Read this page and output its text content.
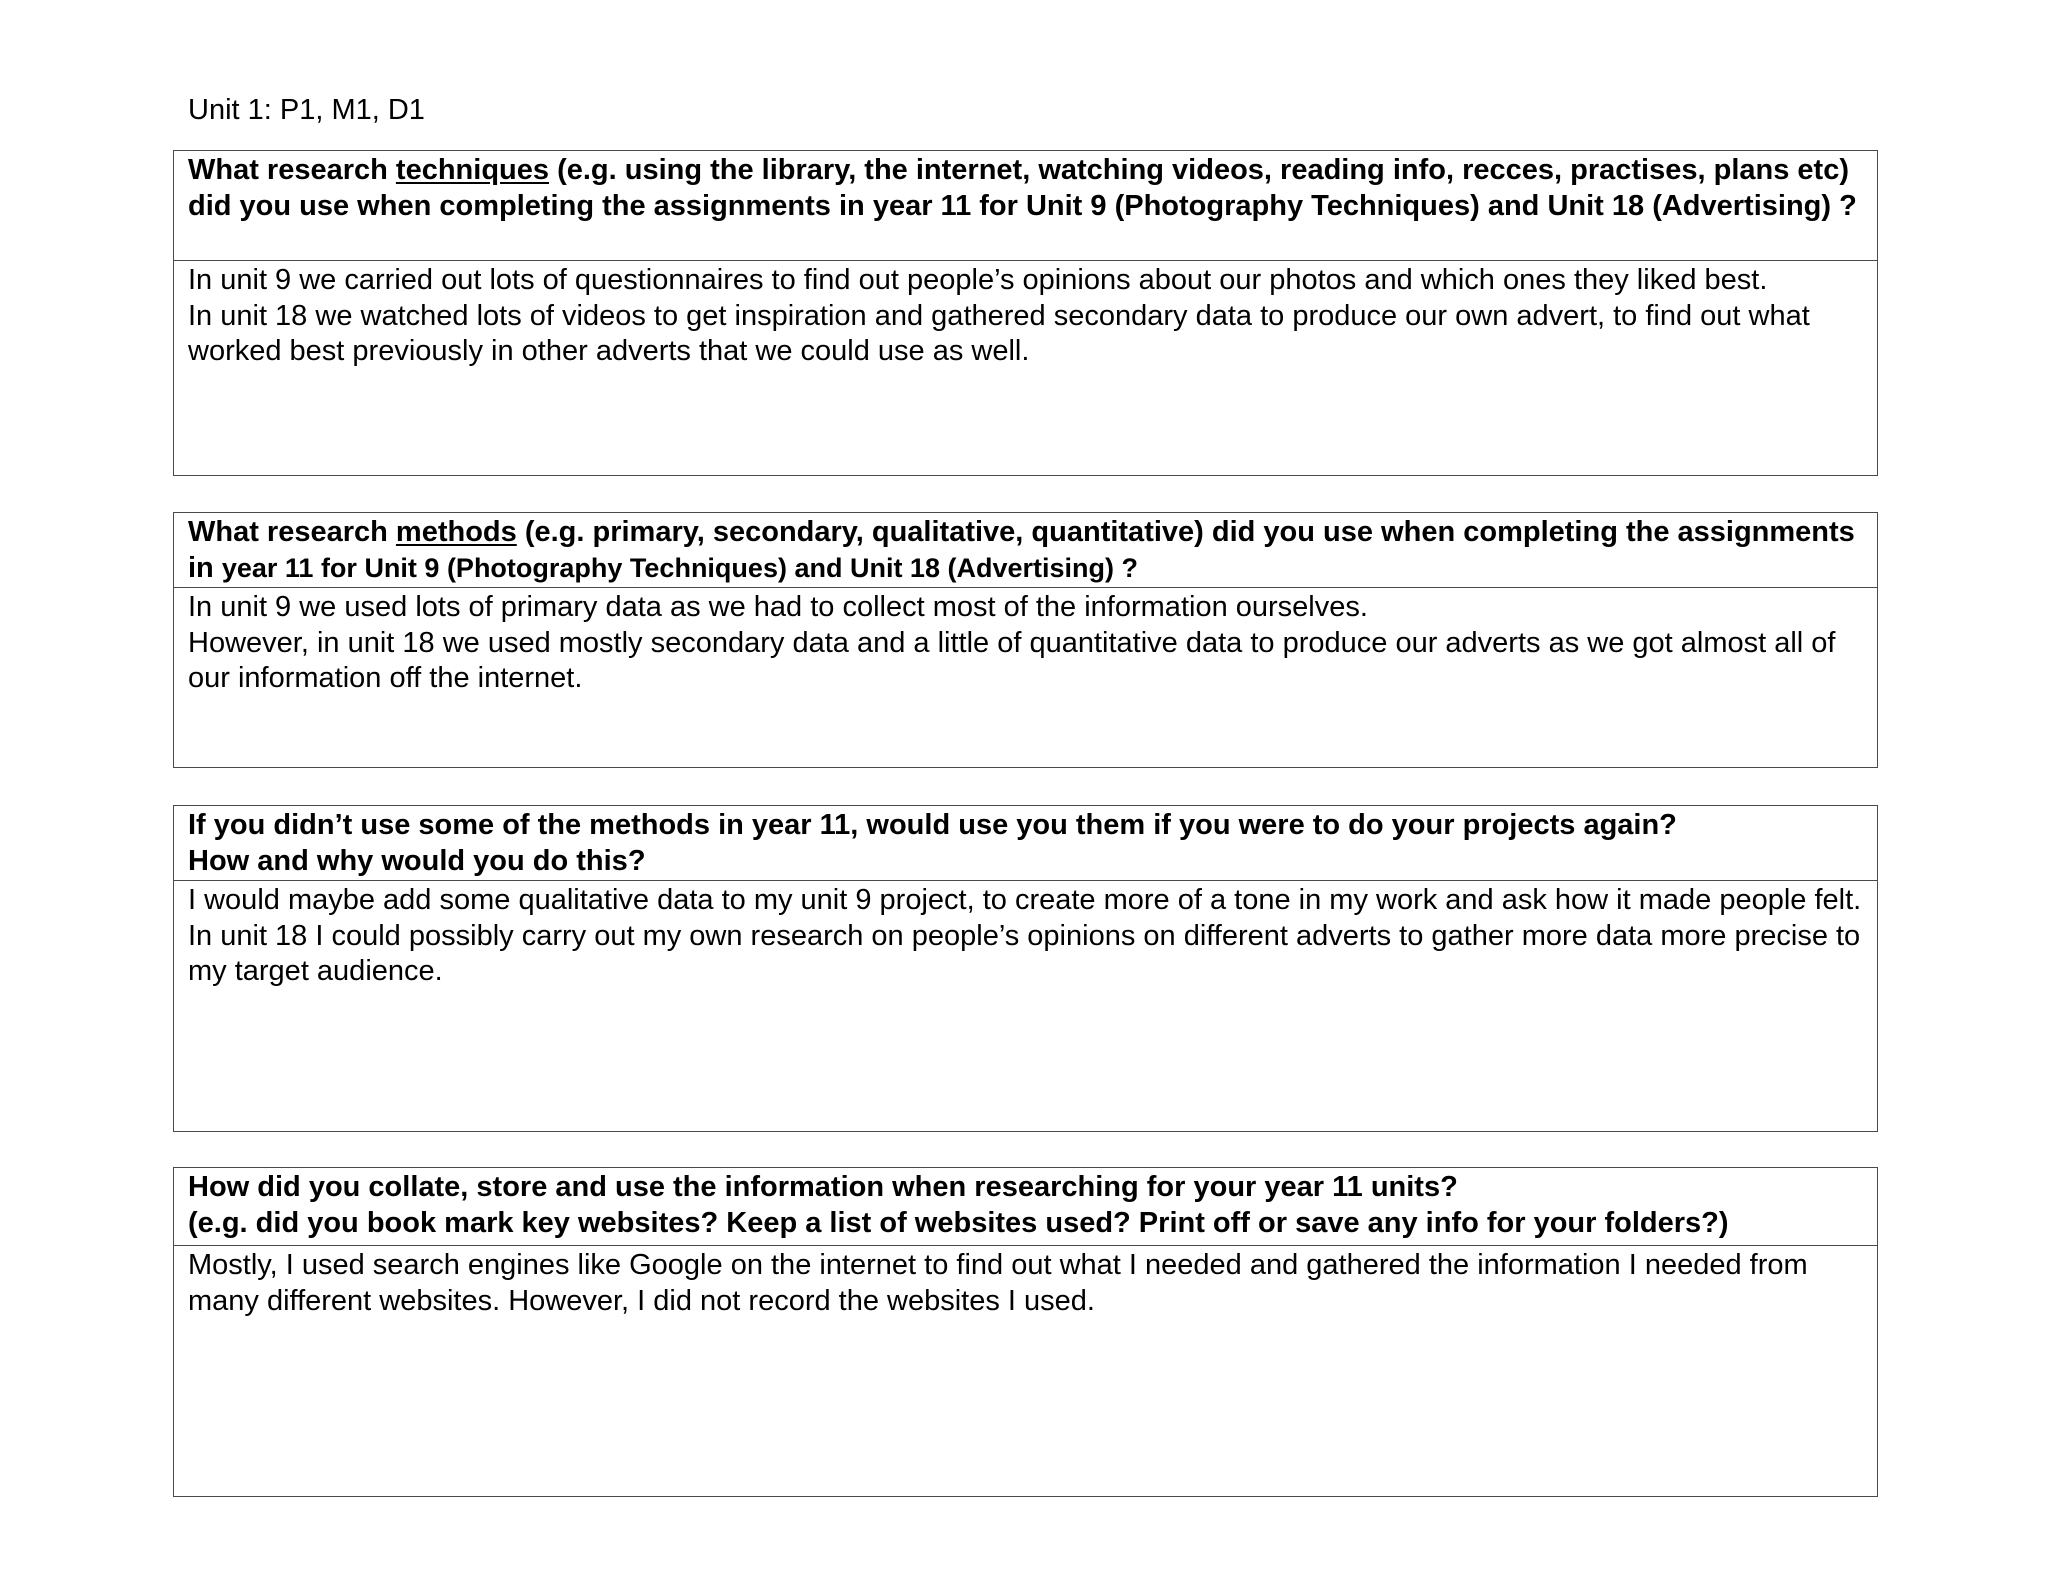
Unit 1: P1, M1, D1
What research techniques (e.g. using the library, the internet, watching videos, reading info, recces, practises, plans etc) did you use when completing the assignments in year 11 for Unit 9 (Photography Techniques) and Unit 18 (Advertising) ?

In unit 9 we carried out lots of questionnaires to find out people’s opinions about our photos and which ones they liked best.

In unit 18 we watched lots of videos to get inspiration and gathered secondary data to produce our own advert, to find out what worked best previously in other adverts that we could use as well.

What research methods (e.g. primary, secondary, qualitative, quantitative) did you use when completing the assignments in year 11 for Unit 9 (Photography Techniques) and Unit 18 (Advertising) ?

In unit 9 we used lots of primary data as we had to collect most of the information ourselves.

However, in unit 18 we used mostly secondary data and a little of quantitative data to produce our adverts as we got almost all of our information off the internet.

If you didn’t use some of the methods in year 11, would use you them if you were to do your projects again?
How and why would you do this?

I would maybe add some qualitative data to my unit 9 project, to create more of a tone in my work and ask how it made people felt. In unit 18 I could possibly carry out my own research on people’s opinions on different adverts to gather more data more precise to my target audience.

How did you collate, store and use the information when researching for your year 11 units?
(e.g. did you book mark key websites? Keep a list of websites used? Print off or save any info for your folders?)

Mostly, I used search engines like Google on the internet to find out what I needed and gathered the information I needed from many different websites. However, I did not record the websites I used.
